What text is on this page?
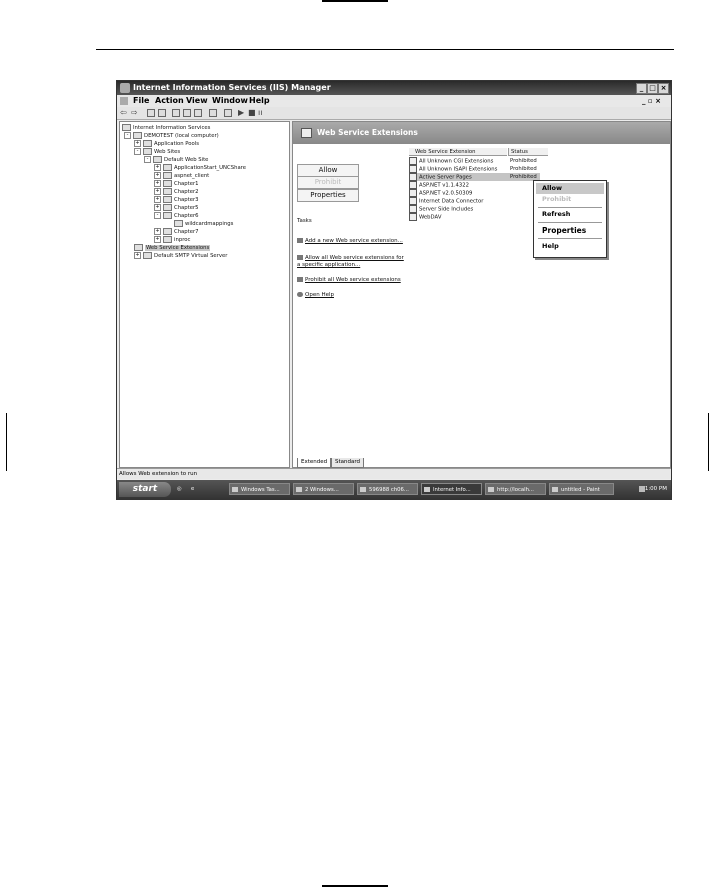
Internet Information Services (IIS) Manager	_ □ ×
File Action View Window Help	_ ▫ ×
⇦ ⇨	▶ ■ ıı
Internet Information Services
-	DEMOTEST (local computer)
+	Application Pools
-	Web Sites
-	Default Web Site
+	ApplicationStart_UNCShare
+	aspnet_client
+	Chapter1
+	Chapter2
+	Chapter3
+	Chapter5
-	Chapter6
wildcardmappings
+	Chapter7
+	inproc
Web Service Extensions
+	Default SMTP Virtual Server
Web Service Extensions
Allow
Prohibit
Properties
Tasks
Add a new Web service extension...
Allow all Web service extensions for a specific application...
Prohibit all Web service extensions
Open Help
Web Service Extension	Status
All Unknown CGI Extensions	Prohibited
All Unknown ISAPI Extensions Prohibited
Active Server Pages	Prohibited
ASP.NET v1.1.4322
ASP.NET v2.0.50309
Internet Data Connector
Server Side Includes
WebDAV
Allow
Prohibit
Refresh
Properties
Help
Extended	Standard
Allows Web extension to run
start	◎	e	Windows Tas...	2 Windows...	596988 ch06...	Internet Info...	http://localh...	untitled - Paint	1:00 PM
